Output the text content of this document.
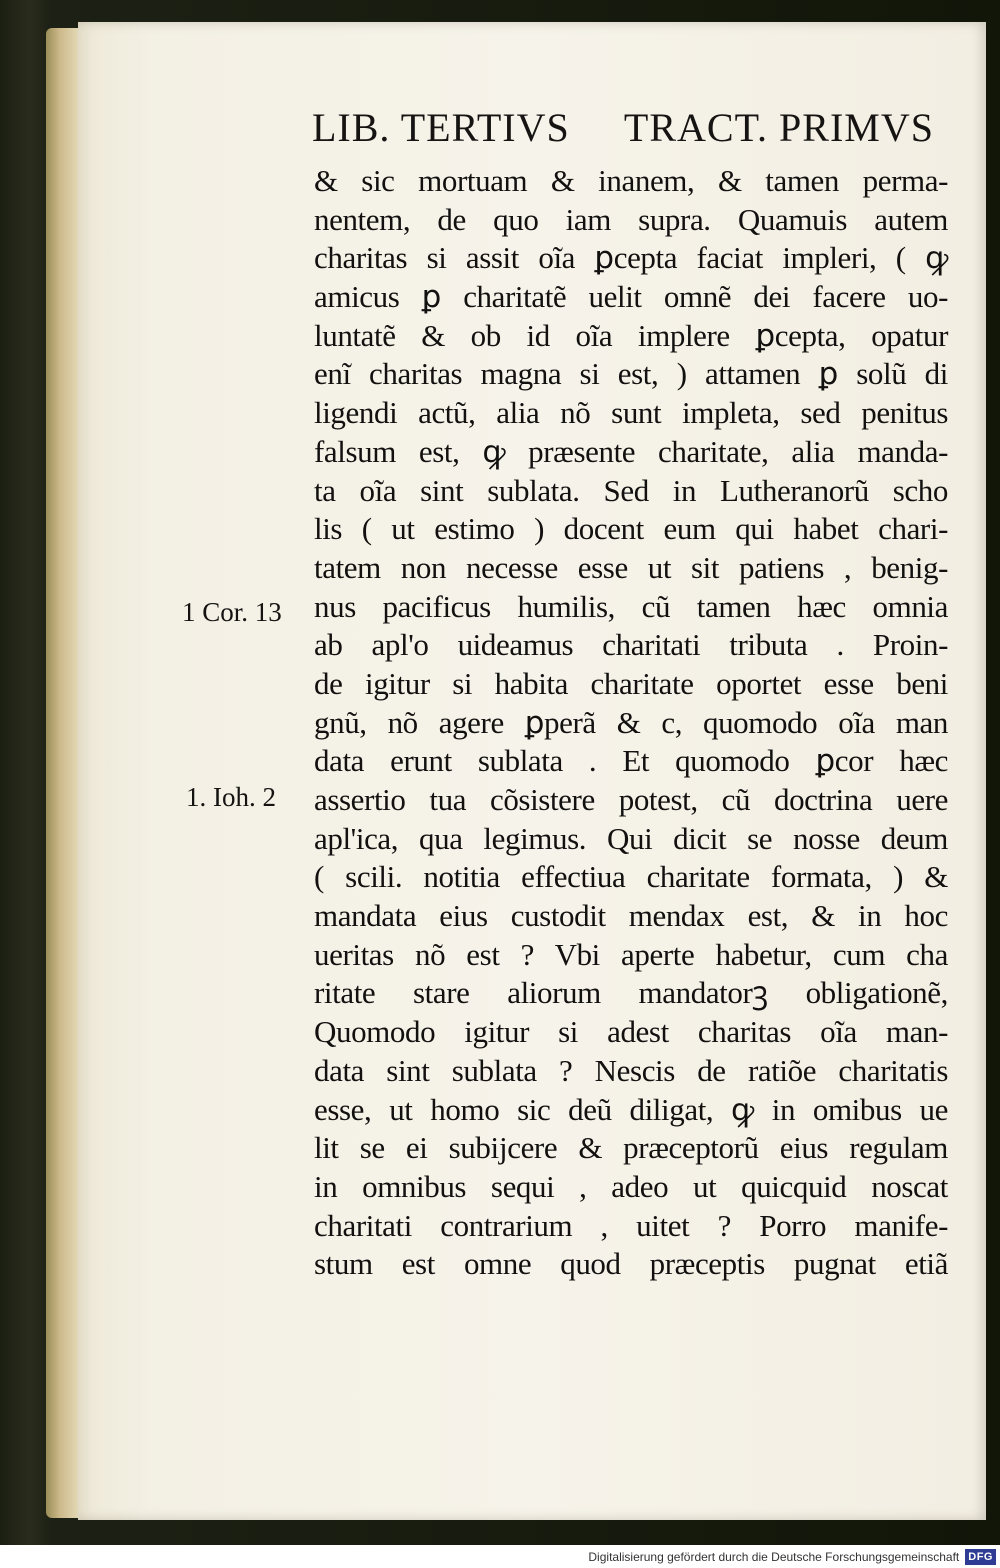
LIB. TERTIVS TRACT. PRIMVS
& sic mortuam & inanem, & tamen perma-
nentem, de quo iam supra. Quamuis autem
charitas si assit oĩa ꝑcepta faciat impleri, ( ꝙ
amicus ꝑ charitatẽ uelit omnẽ dei facere uo-
luntatẽ & ob id oĩa implere ꝑcepta, opatur
enĩ charitas magna si est, ) attamen ꝑ solũ di
ligendi actũ, alia nõ sunt impleta, sed penitus
falsum est, ꝙ præsente charitate, alia manda-
ta oĩa sint sublata. Sed in Lutheranorũ scho
lis ( ut estimo ) docent eum qui habet chari-
tatem non necesse esse ut sit patiens , benig-
nus pacificus humilis, cũ tamen hæc omnia
ab apl'o uideamus charitati tributa . Proin-
de igitur si habita charitate oportet esse beni
gnũ, nõ agere ꝑperã & c, quomodo oĩa man
data erunt sublata . Et quomodo ꝑcor hæc
assertio tua cõsistere potest, cũ doctrina uere
apl'ica, qua legimus. Qui dicit se nosse deum
( scili. notitia effectiua charitate formata, ) &
mandata eius custodit mendax est, & in hoc
ueritas nõ est ? Vbi aperte habetur, cum cha
ritate stare aliorum mandatorꝫ obligationẽ,
Quomodo igitur si adest charitas oĩa man-
data sint sublata ? Nescis de ratiõe charitatis
esse, ut homo sic deũ diligat, ꝙ in omibus ue
lit se ei subĳcere & præceptorũ eius regulam
in omnibus sequi , adeo ut quicquid noscat
charitati contrarium , uitet ? Porro manife-
stum est omne quod præceptis pugnat etiã
1 Cor. 13
1. Ioh. 2
Digitalisierung gefördert durch die Deutsche Forschungsgemeinschaft DFG
